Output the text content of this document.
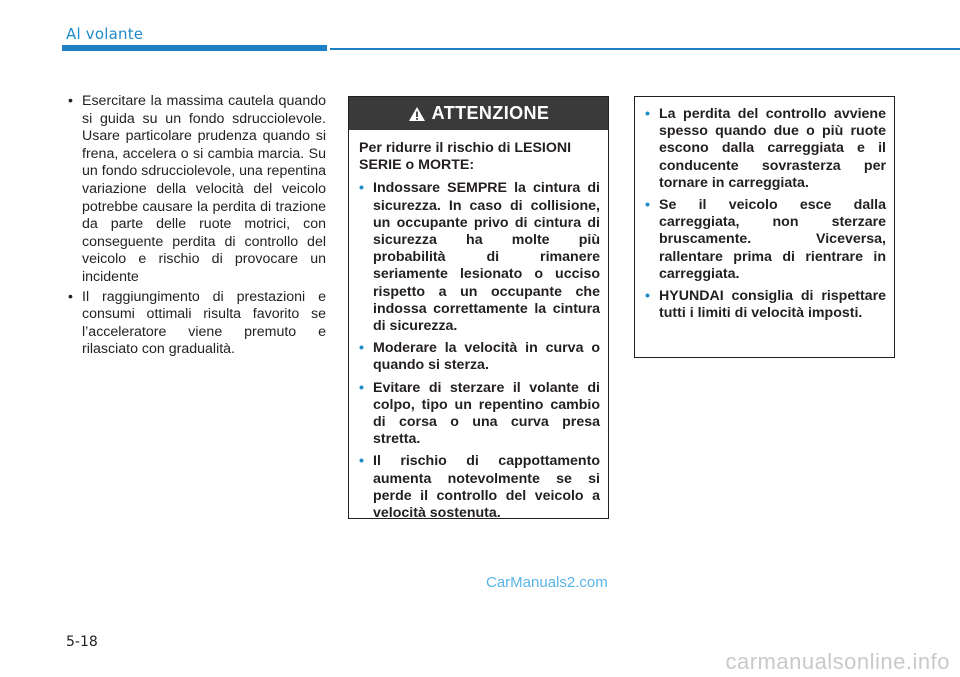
Al volante
• Esercitare la massima cautela quando si guida su un fondo sdrucciolevole. Usare particolare prudenza quando si frena, accelera o si cambia marcia. Su un fondo sdrucciolevole, una repentina variazione della velocità del veicolo potrebbe causare la perdita di trazione da parte delle ruote motrici, con conseguente perdita di controllo del veicolo e rischio di provocare un incidente
• Il raggiungimento di prestazioni e consumi ottimali risulta favorito se l’acceleratore viene premuto e rilasciato con gradualità.
ATTENZIONE

Per ridurre il rischio di LESIONI SERIE o MORTE:

• Indossare SEMPRE la cintura di sicurezza. In caso di collisione, un occupante privo di cintura di sicurezza ha molte più probabilità di rimanere seriamente lesionato o ucciso rispetto a un occupante che indossa correttamente la cintura di sicurezza.
• Moderare la velocità in curva o quando si sterza.
• Evitare di sterzare il volante di colpo, tipo un repentino cambio di corsa o una curva presa stretta.
• Il rischio di cappottamento aumenta notevolmente se si perde il controllo del veicolo a velocità sostenuta.
• La perdita del controllo avviene spesso quando due o più ruote escono dalla carreggiata e il conducente sovrasterza per tornare in carreggiata.
• Se il veicolo esce dalla carreggiata, non sterzare bruscamente. Viceversa, rallentare prima di rientrare in carreggiata.
• HYUNDAI consiglia di rispettare tutti i limiti di velocità imposti.
CarManuals2.com
5-18
carmanualsonline.info
